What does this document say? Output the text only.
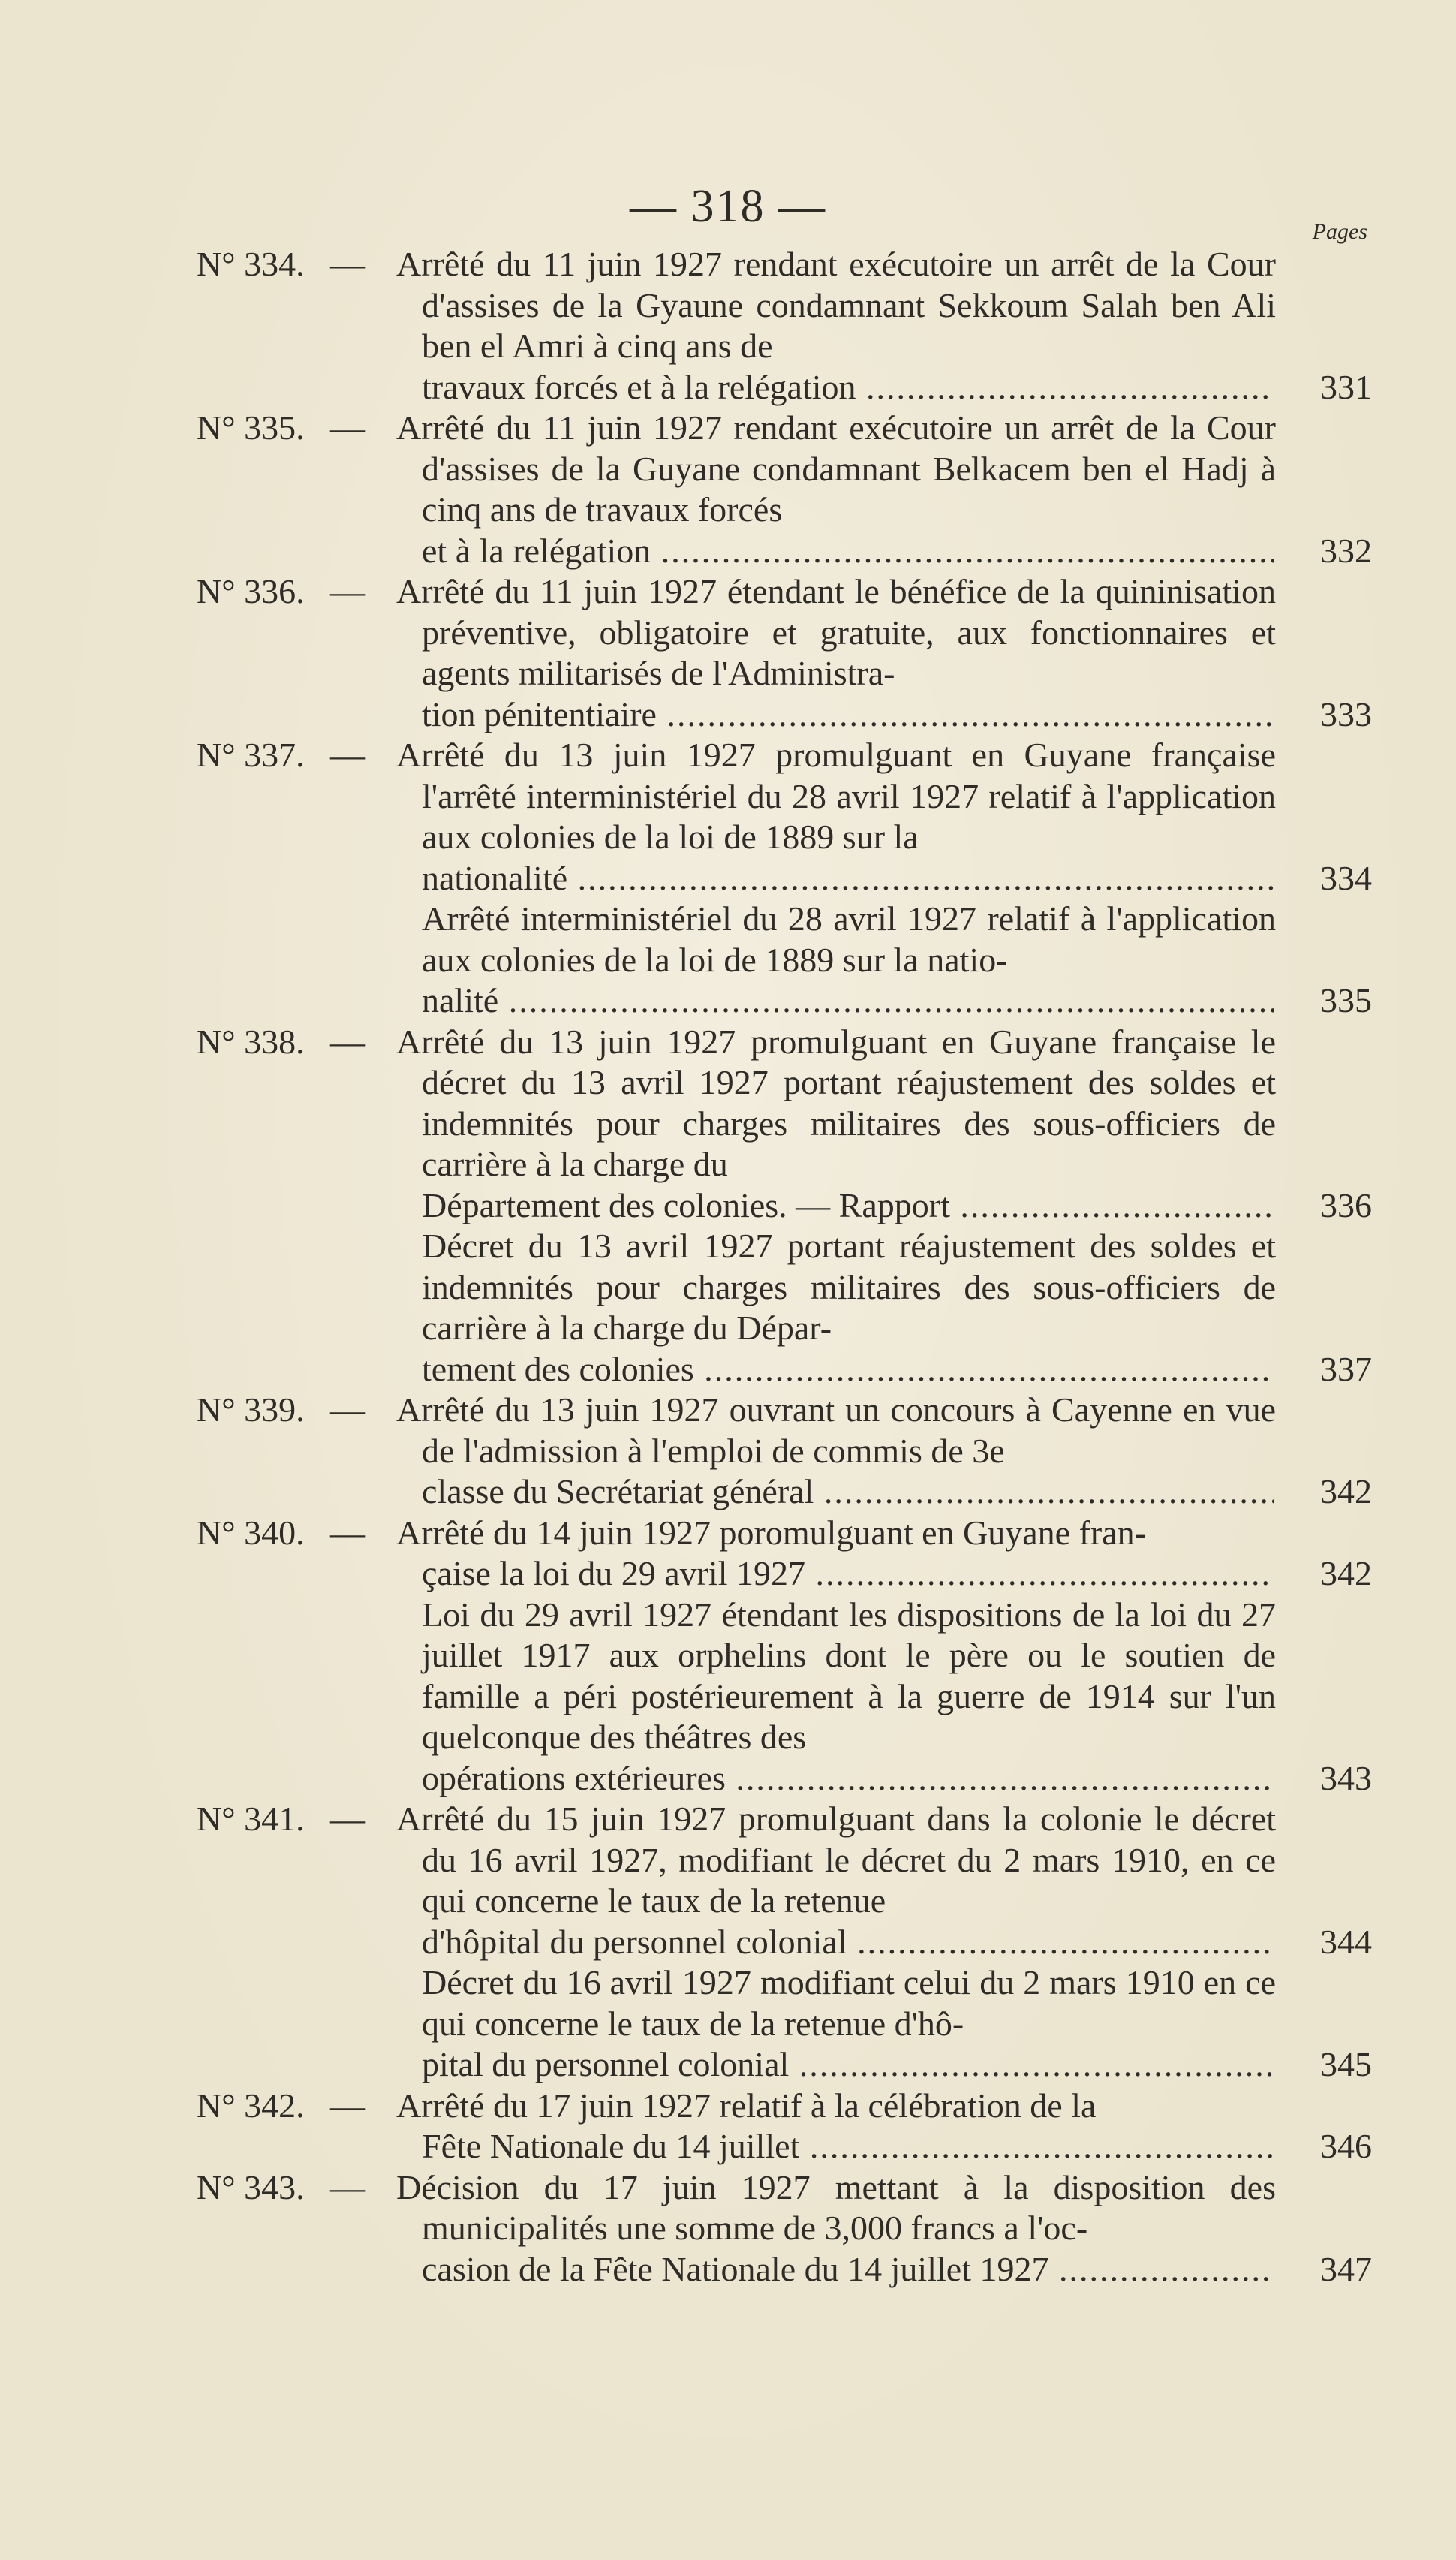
— 318 —	Pages
N° 334. — Arrêté du 11 juin 1927 rendant exécutoire un arrêt de la Cour d'assises de la Gyaune condamnant Sekkoum Salah ben Ali ben el Amri à cinq ans de
travaux forcés et à la relégation .....	331
N° 335. — Arrêté du 11 juin 1927 rendant exécutoire un arrêt de la Cour d'assises de la Guyane condamnant Belkacem ben el Hadj à cinq ans de travaux forcés
et à la relégation .....	332
N° 336. — Arrêté du 11 juin 1927 étendant le bénéfice de la quininisation préventive, obligatoire et gratuite, aux fonctionnaires et agents militarisés de l'Administra-
tion pénitentiaire .....	333
N° 337. — Arrêté du 13 juin 1927 promulguant en Guyane française l'arrêté interministériel du 28 avril 1927 relatif à l'application aux colonies de la loi de 1889 sur la
nationalité .....	334
Arrêté interministériel du 28 avril 1927 relatif à l'application aux colonies de la loi de 1889 sur la natio-
nalité .....	335
N° 338. — Arrêté du 13 juin 1927 promulguant en Guyane française le décret du 13 avril 1927 portant réajustement des soldes et indemnités pour charges militaires des sous-officiers de carrière à la charge du
Département des colonies. — Rapport .....	336
Décret du 13 avril 1927 portant réajustement des soldes et indemnités pour charges militaires des sous-officiers de carrière à la charge du Dépar-
tement des colonies .....	337
N° 339. — Arrêté du 13 juin 1927 ouvrant un concours à Cayenne en vue de l'admission à l'emploi de commis de 3e
classe du Secrétariat général .....	342
N° 340. — Arrêté du 14 juin 1927 poromulguant en Guyane fran-
çaise la loi du 29 avril 1927 .....	342
Loi du 29 avril 1927 étendant les dispositions de la loi du 27 juillet 1917 aux orphelins dont le père ou le soutien de famille a péri postérieurement à la guerre de 1914 sur l'un quelconque des théâtres des
opérations extérieures .....	343
N° 341. — Arrêté du 15 juin 1927 promulguant dans la colonie le décret du 16 avril 1927, modifiant le décret du 2 mars 1910, en ce qui concerne le taux de la retenue
d'hôpital du personnel colonial .....	344
Décret du 16 avril 1927 modifiant celui du 2 mars 1910 en ce qui concerne le taux de la retenue d'hô-
pital du personnel colonial .....	345
N° 342. — Arrêté du 17 juin 1927 relatif à la célébration de la
Fête Nationale du 14 juillet .....	346
N° 343. — Décision du 17 juin 1927 mettant à la disposition des municipalités une somme de 3,000 francs a l'oc-
casion de la Fête Nationale du 14 juillet 1927 .....	347
